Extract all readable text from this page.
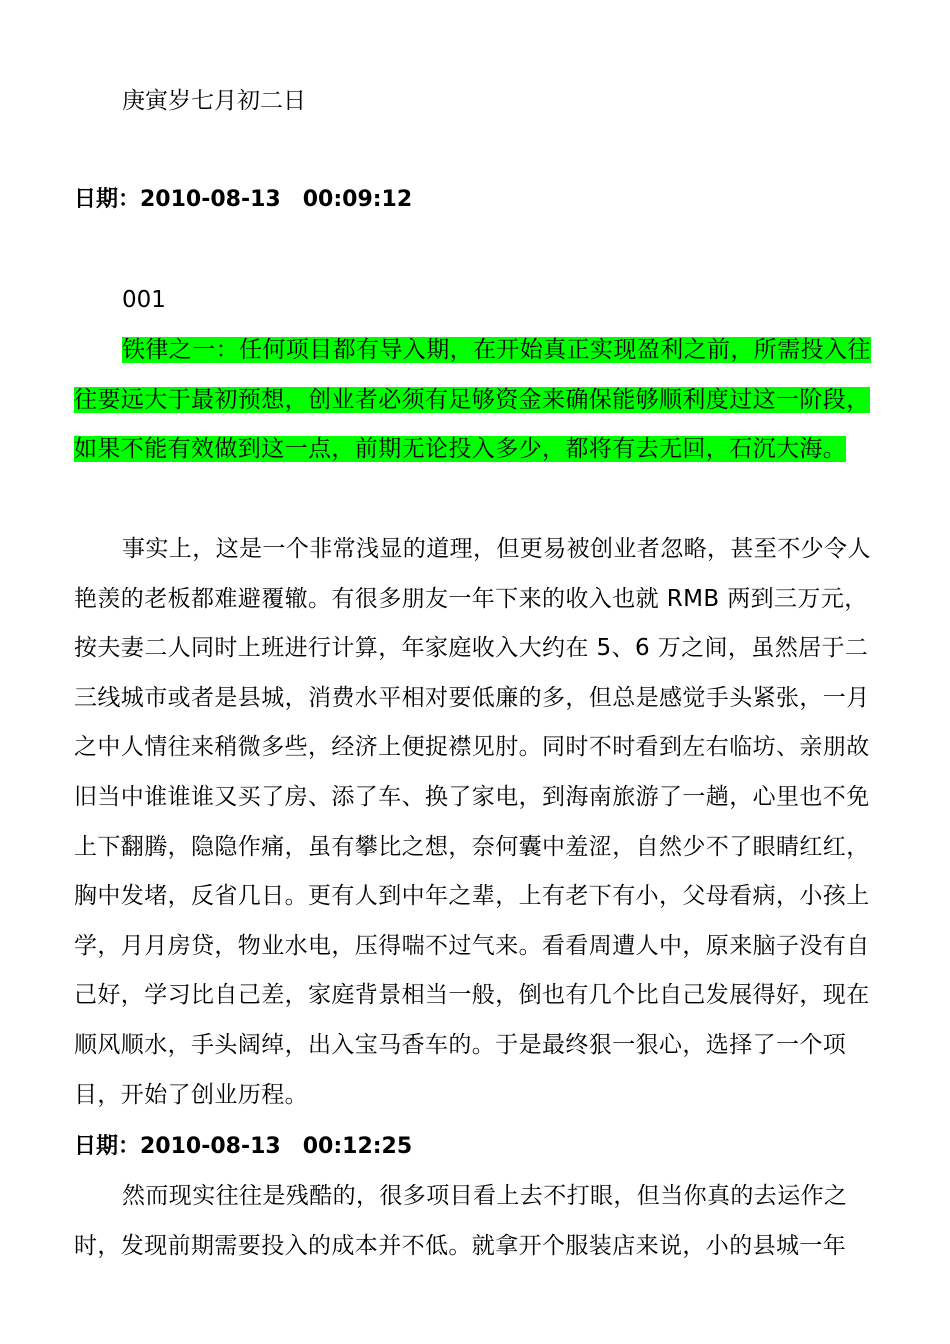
庚寅岁七月初二日
日期：2010-08-13　00:09:12
001

铁律之一：任何项目都有导入期，在开始真正实现盈利之前，所需投入往往要远大于最初预想，创业者必须有足够资金来确保能够顺利度过这一阶段，如果不能有效做到这一点，前期无论投入多少，都将有去无回，石沉大海。

事实上，这是一个非常浅显的道理，但更易被创业者忽略，甚至不少令人艳羡的老板都难避覆辙。有很多朋友一年下来的收入也就 RMB 两到三万元，按夫妻二人同时上班进行计算，年家庭收入大约在 5、6 万之间，虽然居于二三线城市或者是县城，消费水平相对要低廉的多，但总是感觉手头紧张，一月之中人情往来稍微多些，经济上便捉襟见肘。同时不时看到左右临坊、亲朋故旧当中谁谁谁又买了房、添了车、换了家电，到海南旅游了一趟，心里也不免上下翻腾，隐隐作痛，虽有攀比之想，奈何囊中羞涩，自然少不了眼睛红红，胸中发堵，反省几日。更有人到中年之辈，上有老下有小，父母看病，小孩上学，月月房贷，物业水电，压得喘不过气来。看看周遭人中，原来脑子没有自己好，学习比自己差，家庭背景相当一般，倒也有几个比自己发展得好，现在顺风顺水，手头阔绰，出入宝马香车的。于是最终狠一狠心，选择了一个项目，开始了创业历程。

日期：2010-08-13　00:12:25

然而现实往往是残酷的，很多项目看上去不打眼，但当你真的去运作之时，发现前期需要投入的成本并不低。就拿开个服装店来说，小的县城一年
